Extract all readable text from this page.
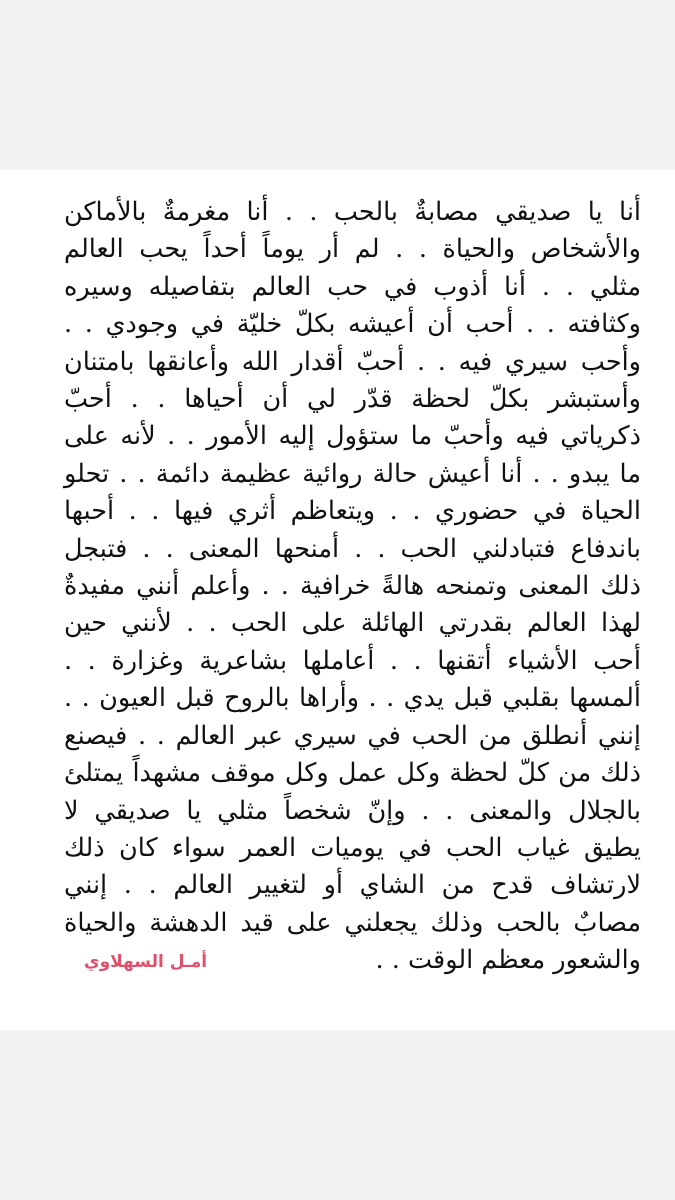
أنا يا صديقي مصابةٌ بالحب . . أنا مغرمةٌ بالأماكن
والأشخاص والحياة . . لم أر يوماً أحداً يحب العالم
مثلي . . أنا أذوب في حب العالم بتفاصيله وسيره
وكثافته . . أحب أن أعيشه بكلّ خليّة في وجودي . .
وأحب سيري فيه . . أحبّ أقدار الله وأعانقها بامتنان
وأستبشر بكلّ لحظة قدّر لي أن أحياها . . أحبّ
ذكرياتي فيه وأحبّ ما ستؤول إليه الأمور . . لأنه على
ما يبدو . . أنا أعيش حالة روائية عظيمة دائمة . . تحلو
الحياة في حضوري . . ويتعاظم أثري فيها . . أحبها
باندفاع فتبادلني الحب . . أمنحها المعنى . . فتبجل
ذلك المعنى وتمنحه هالةً خرافية . . وأعلم أنني مفيدةٌ
لهذا العالم بقدرتي الهائلة على الحب . . لأنني حين
أحب الأشياء أتقنها . . أعاملها بشاعرية وغزارة . .
ألمسها بقلبي قبل يدي . . وأراها بالروح قبل العيون . .
إنني أنطلق من الحب في سيري عبر العالم . . فيصنع
ذلك من كلّ لحظة وكل عمل وكل موقف مشهداً يمتلئ
بالجلال والمعنى . . وإنّ شخصاً مثلي يا صديقي لا
يطيق غياب الحب في يوميات العمر سواء كان ذلك
لارتشاف قدح من الشاي أو لتغيير العالم . . إنني
مصابٌ بالحب وذلك يجعلني على قيد الدهشة والحياة
والشعور معظم الوقت . .
أمـل السهلاوي
